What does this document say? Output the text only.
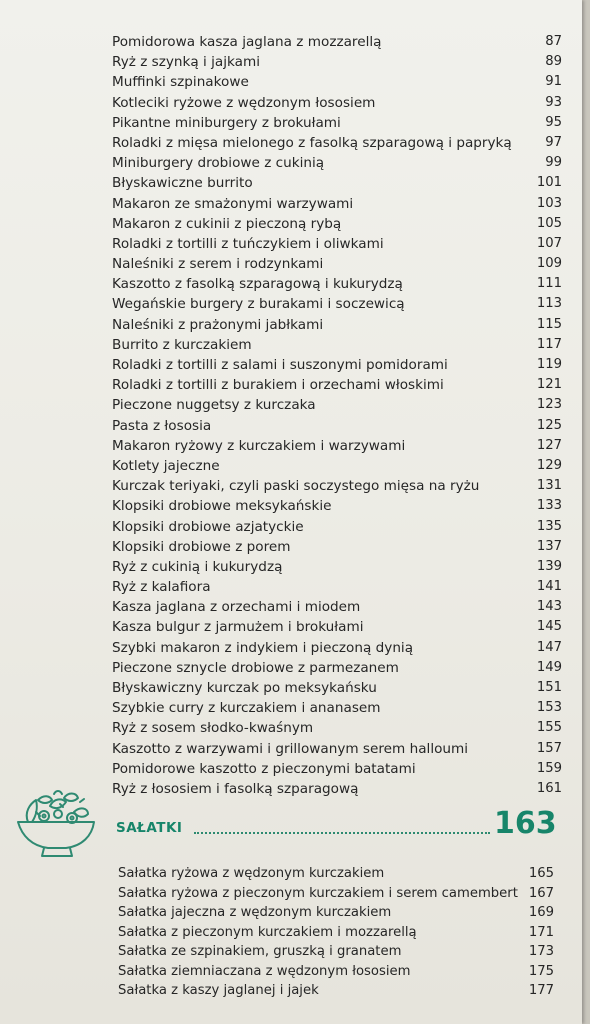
Pomidorowa kasza jaglana z mozzarellą	87
Ryż z szynką i jajkami	89
Muffinki szpinakowe	91
Kotleciki ryżowe z wędzonym łososiem	93
Pikantne miniburgery z brokułami	95
Roladki z mięsa mielonego z fasolką szparagową i papryką	97
Miniburgery drobiowe z cukinią	99
Błyskawiczne burrito	101
Makaron ze smażonymi warzywami	103
Makaron z cukinii z pieczoną rybą	105
Roladki z tortilli z tuńczykiem i oliwkami	107
Naleśniki z serem i rodzynkami	109
Kaszotto z fasolką szparagową i kukurydzą	111
Wegańskie burgery z burakami i soczewicą	113
Naleśniki z prażonymi jabłkami	115
Burrito z kurczakiem	117
Roladki z tortilli z salami i suszonymi pomidorami	119
Roladki z tortilli z burakiem i orzechami włoskimi	121
Pieczone nuggetsy z kurczaka	123
Pasta z łososia	125
Makaron ryżowy z kurczakiem i warzywami	127
Kotlety jajeczne	129
Kurczak teriyaki, czyli paski soczystego mięsa na ryżu	131
Klopsiki drobiowe meksykańskie	133
Klopsiki drobiowe azjatyckie	135
Klopsiki drobiowe z porem	137
Ryż z cukinią i kukurydzą	139
Ryż z kalafiora	141
Kasza jaglana z orzechami i miodem	143
Kasza bulgur z jarmużem i brokułami	145
Szybki makaron z indykiem i pieczoną dynią	147
Pieczone sznycle drobiowe z parmezanem	149
Błyskawiczny kurczak po meksykańsku	151
Szybkie curry z kurczakiem i ananasem	153
Ryż z sosem słodko-kwaśnym	155
Kaszotto z warzywami i grillowanym serem halloumi	157
Pomidorowe kaszotto z pieczonymi batatami	159
Ryż z łososiem i fasolką szparagową	161
SAŁATKI	163
Sałatka ryżowa z wędzonym kurczakiem	165
Sałatka ryżowa z pieczonym kurczakiem i serem camembert 167
Sałatka jajeczna z wędzonym kurczakiem	169
Sałatka z pieczonym kurczakiem i mozzarellą	171
Sałatka ze szpinakiem, gruszką i granatem	173
Sałatka ziemniaczana z wędzonym łososiem	175
Sałatka z kaszy jaglanej i jajek	177
